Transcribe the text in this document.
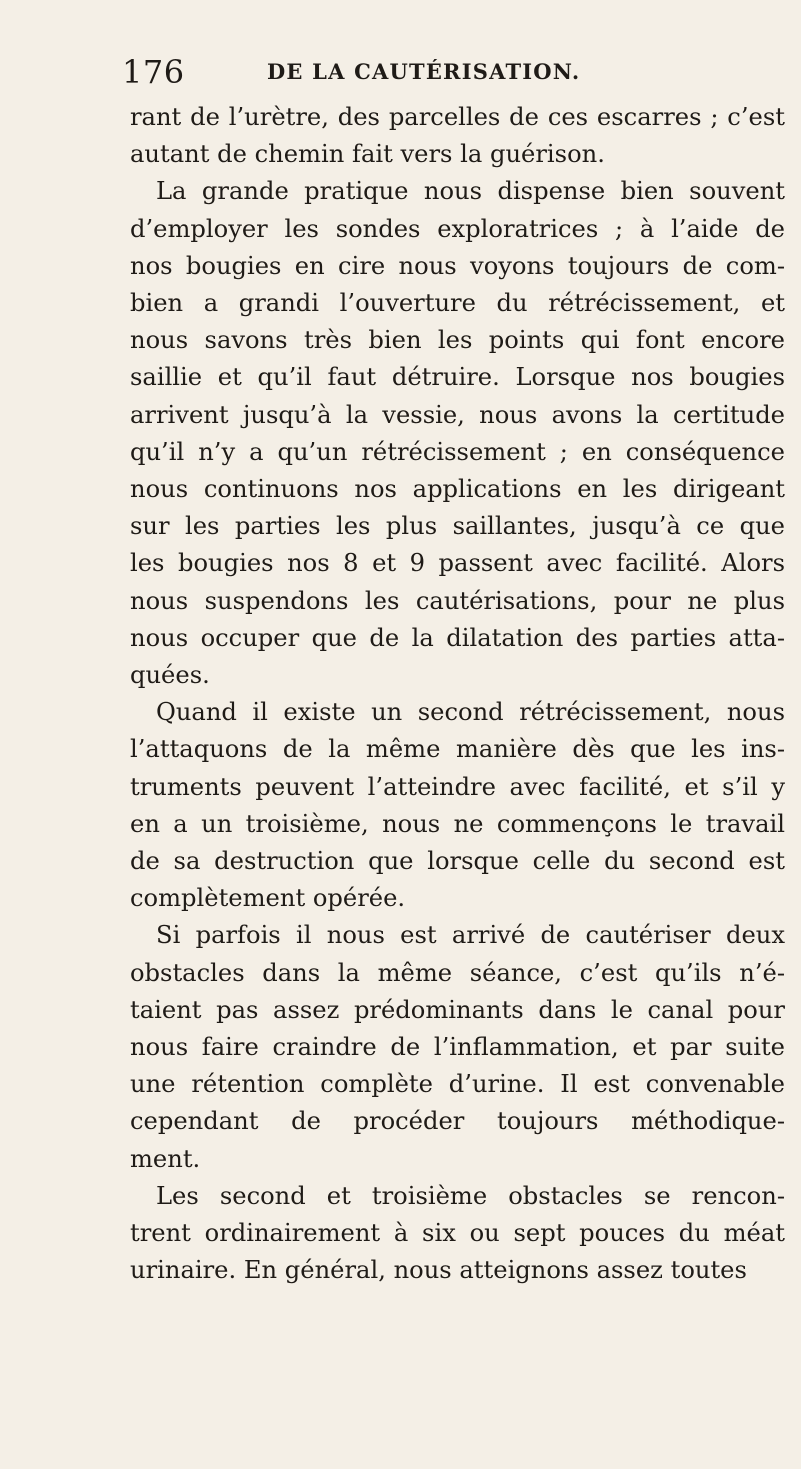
176	DE LA CAUTÉRISATION.

rant de l’urètre, des parcelles de ces escarres ; c’est
autant de chemin fait vers la guérison.

La grande pratique nous dispense bien souvent
d’employer les sondes exploratrices ; à l’aide de
nos bougies en cire nous voyons toujours de com-
bien a grandi l’ouverture du rétrécissement, et
nous savons très bien les points qui font encore
saillie et qu’il faut détruire. Lorsque nos bougies
arrivent jusqu’à la vessie, nous avons la certitude
qu’il n’y a qu’un rétrécissement ; en conséquence
nous continuons nos applications en les dirigeant
sur les parties les plus saillantes, jusqu’à ce que
les bougies nos 8 et 9 passent avec facilité. Alors
nous suspendons les cautérisations, pour ne plus
nous occuper que de la dilatation des parties atta-
quées.

Quand il existe un second rétrécissement, nous
l’attaquons de la même manière dès que les ins-
truments peuvent l’atteindre avec facilité, et s’il y
en a un troisième, nous ne commençons le travail
de sa destruction que lorsque celle du second est
complètement opérée.

Si parfois il nous est arrivé de cautériser deux
obstacles dans la même séance, c’est qu’ils n’é-
taient pas assez prédominants dans le canal pour
nous faire craindre de l’inflammation, et par suite
une rétention complète d’urine. Il est convenable
cependant de procéder toujours méthodique-
ment.

Les second et troisième obstacles se rencon-
trent ordinairement à six ou sept pouces du méat
urinaire. En général, nous atteignons assez toutes
